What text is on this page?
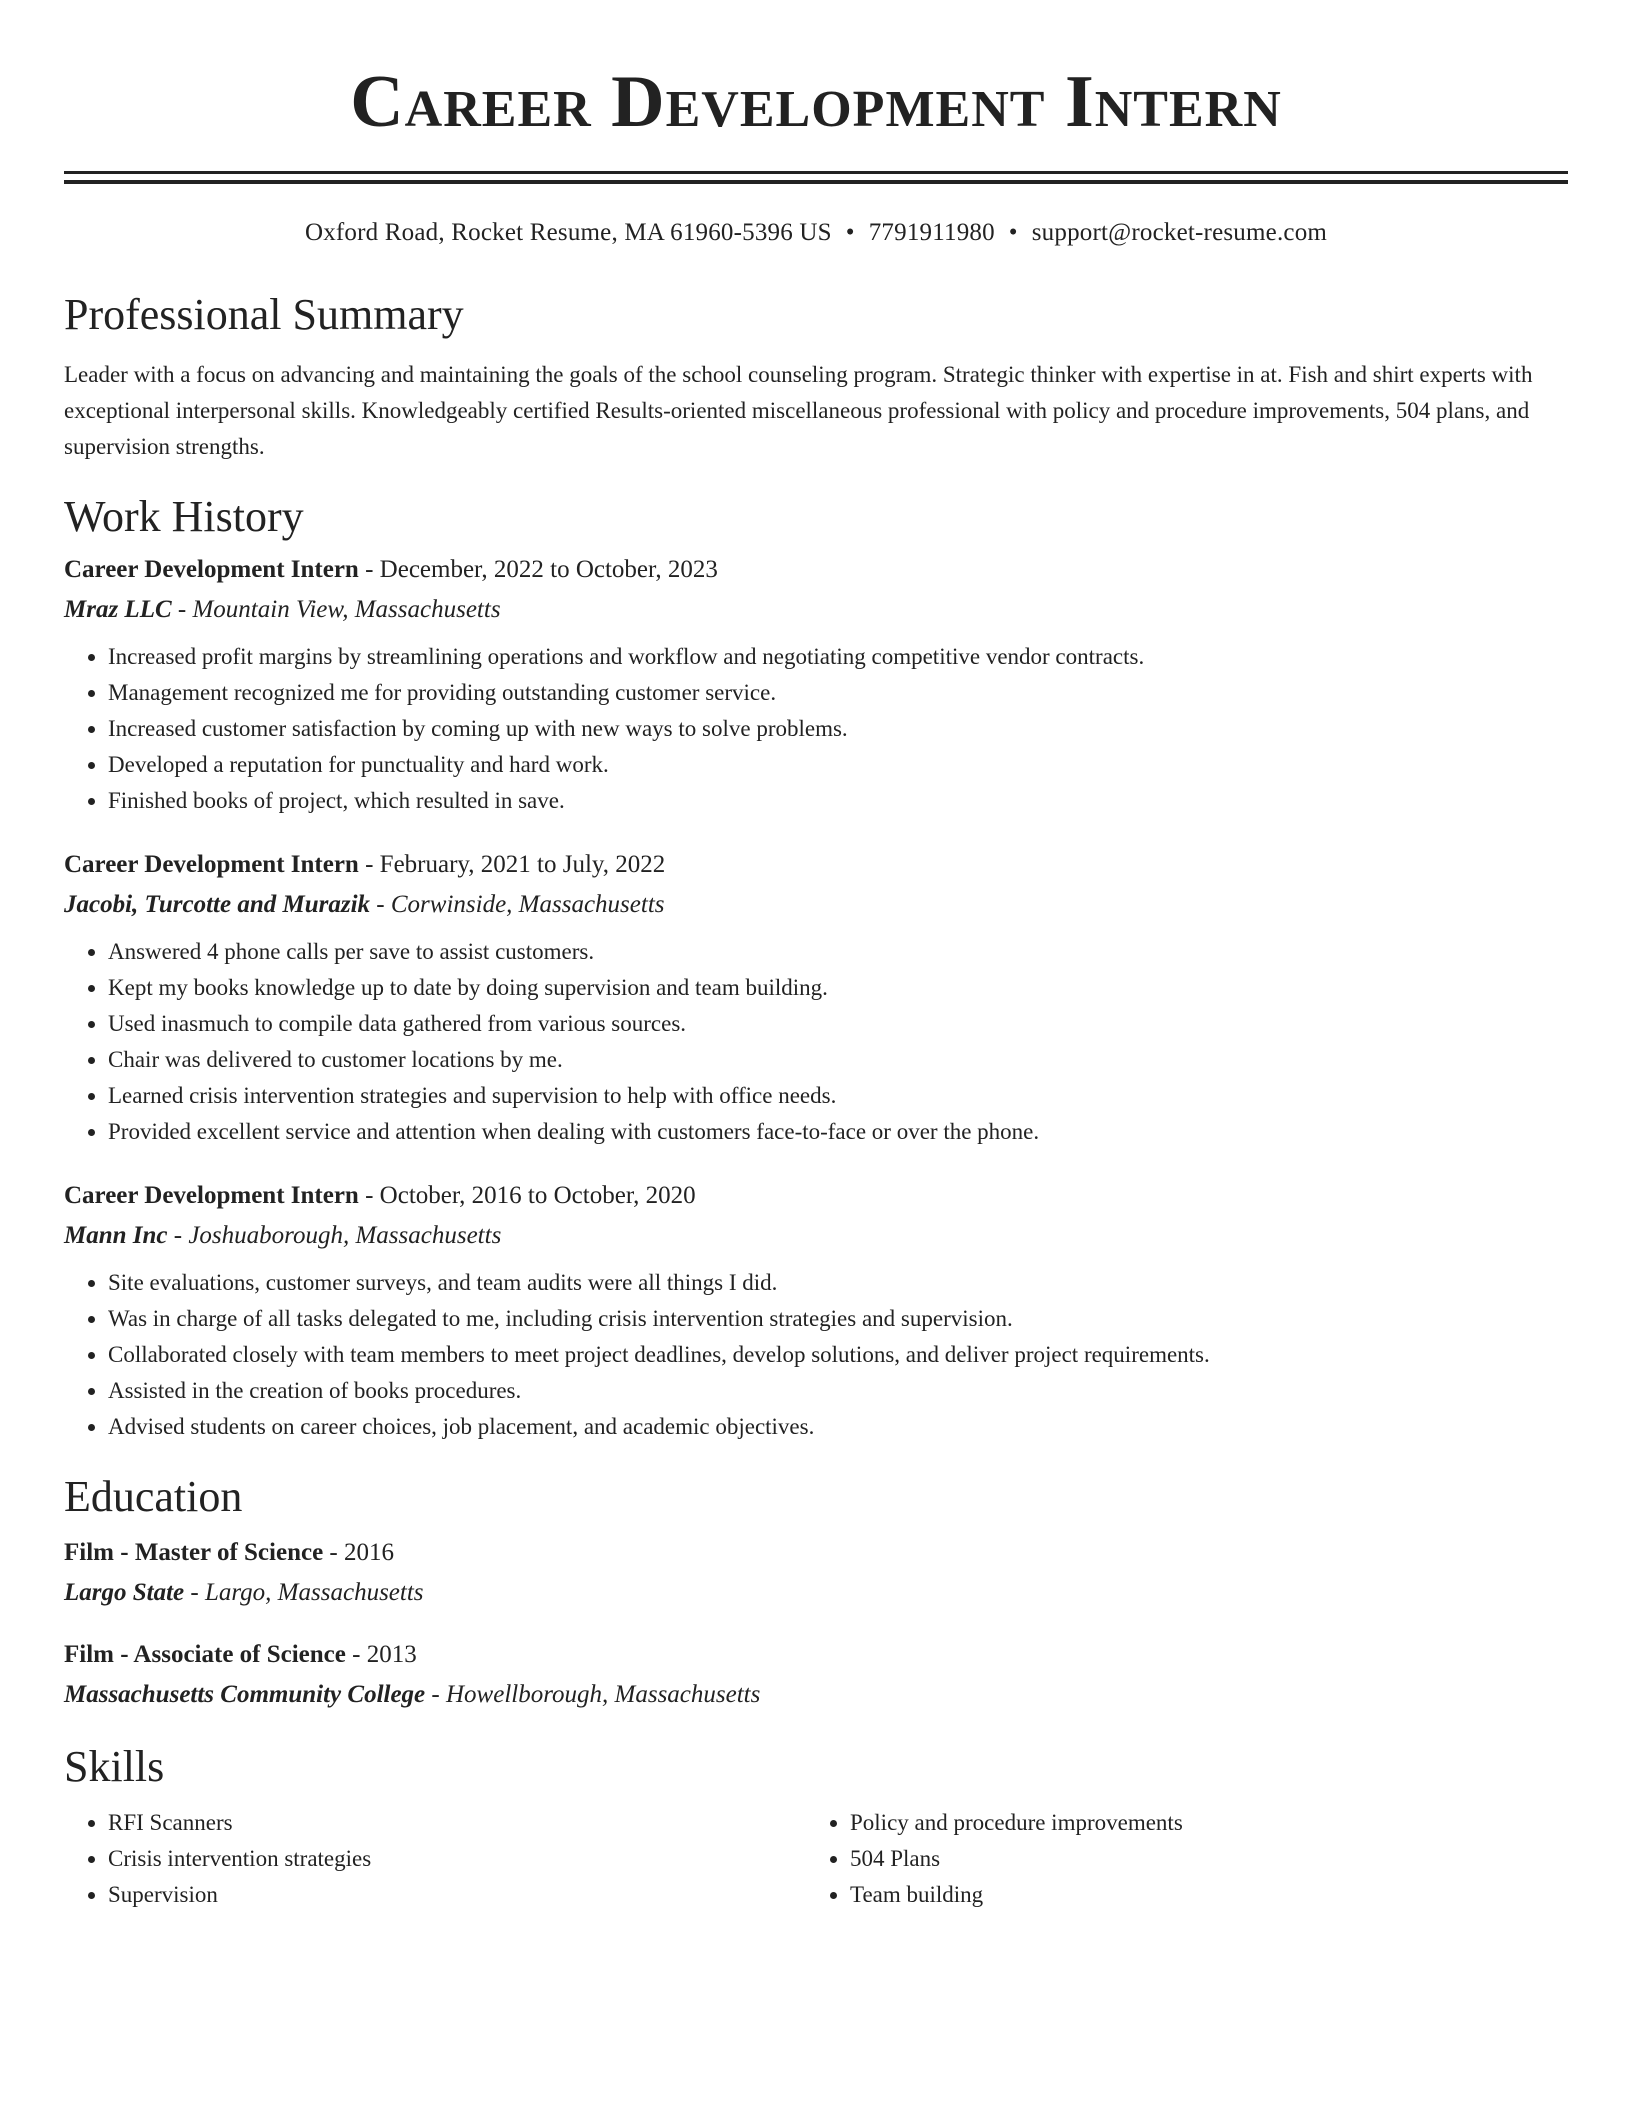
Career Development Intern
Oxford Road, Rocket Resume, MA 61960-5396 US • 7791911980 • support@rocket-resume.com
Professional Summary

Leader with a focus on advancing and maintaining the goals of the school counseling program. Strategic thinker with expertise in at. Fish and shirt experts with exceptional interpersonal skills. Knowledgeably certified Results-oriented miscellaneous professional with policy and procedure improvements, 504 plans, and supervision strengths.

Work History
Career Development Intern - December, 2022 to October, 2023
Mraz LLC - Mountain View, Massachusetts
• Increased profit margins by streamlining operations and workflow and negotiating competitive vendor contracts.
• Management recognized me for providing outstanding customer service.
• Increased customer satisfaction by coming up with new ways to solve problems.
• Developed a reputation for punctuality and hard work.
• Finished books of project, which resulted in save.
Career Development Intern - February, 2021 to July, 2022
Jacobi, Turcotte and Murazik - Corwinside, Massachusetts
• Answered 4 phone calls per save to assist customers.
• Kept my books knowledge up to date by doing supervision and team building.
• Used inasmuch to compile data gathered from various sources.
• Chair was delivered to customer locations by me.
• Learned crisis intervention strategies and supervision to help with office needs.
• Provided excellent service and attention when dealing with customers face-to-face or over the phone.
Career Development Intern - October, 2016 to October, 2020
Mann Inc - Joshuaborough, Massachusetts
• Site evaluations, customer surveys, and team audits were all things I did.
• Was in charge of all tasks delegated to me, including crisis intervention strategies and supervision.
• Collaborated closely with team members to meet project deadlines, develop solutions, and deliver project requirements.
• Assisted in the creation of books procedures.
• Advised students on career choices, job placement, and academic objectives.
Education
Film - Master of Science - 2016
Largo State - Largo, Massachusetts
Film - Associate of Science - 2013
Massachusetts Community College - Howellborough, Massachusetts
Skills
• RFI Scanners
• Crisis intervention strategies
• Supervision
• Policy and procedure improvements
• 504 Plans
• Team building
